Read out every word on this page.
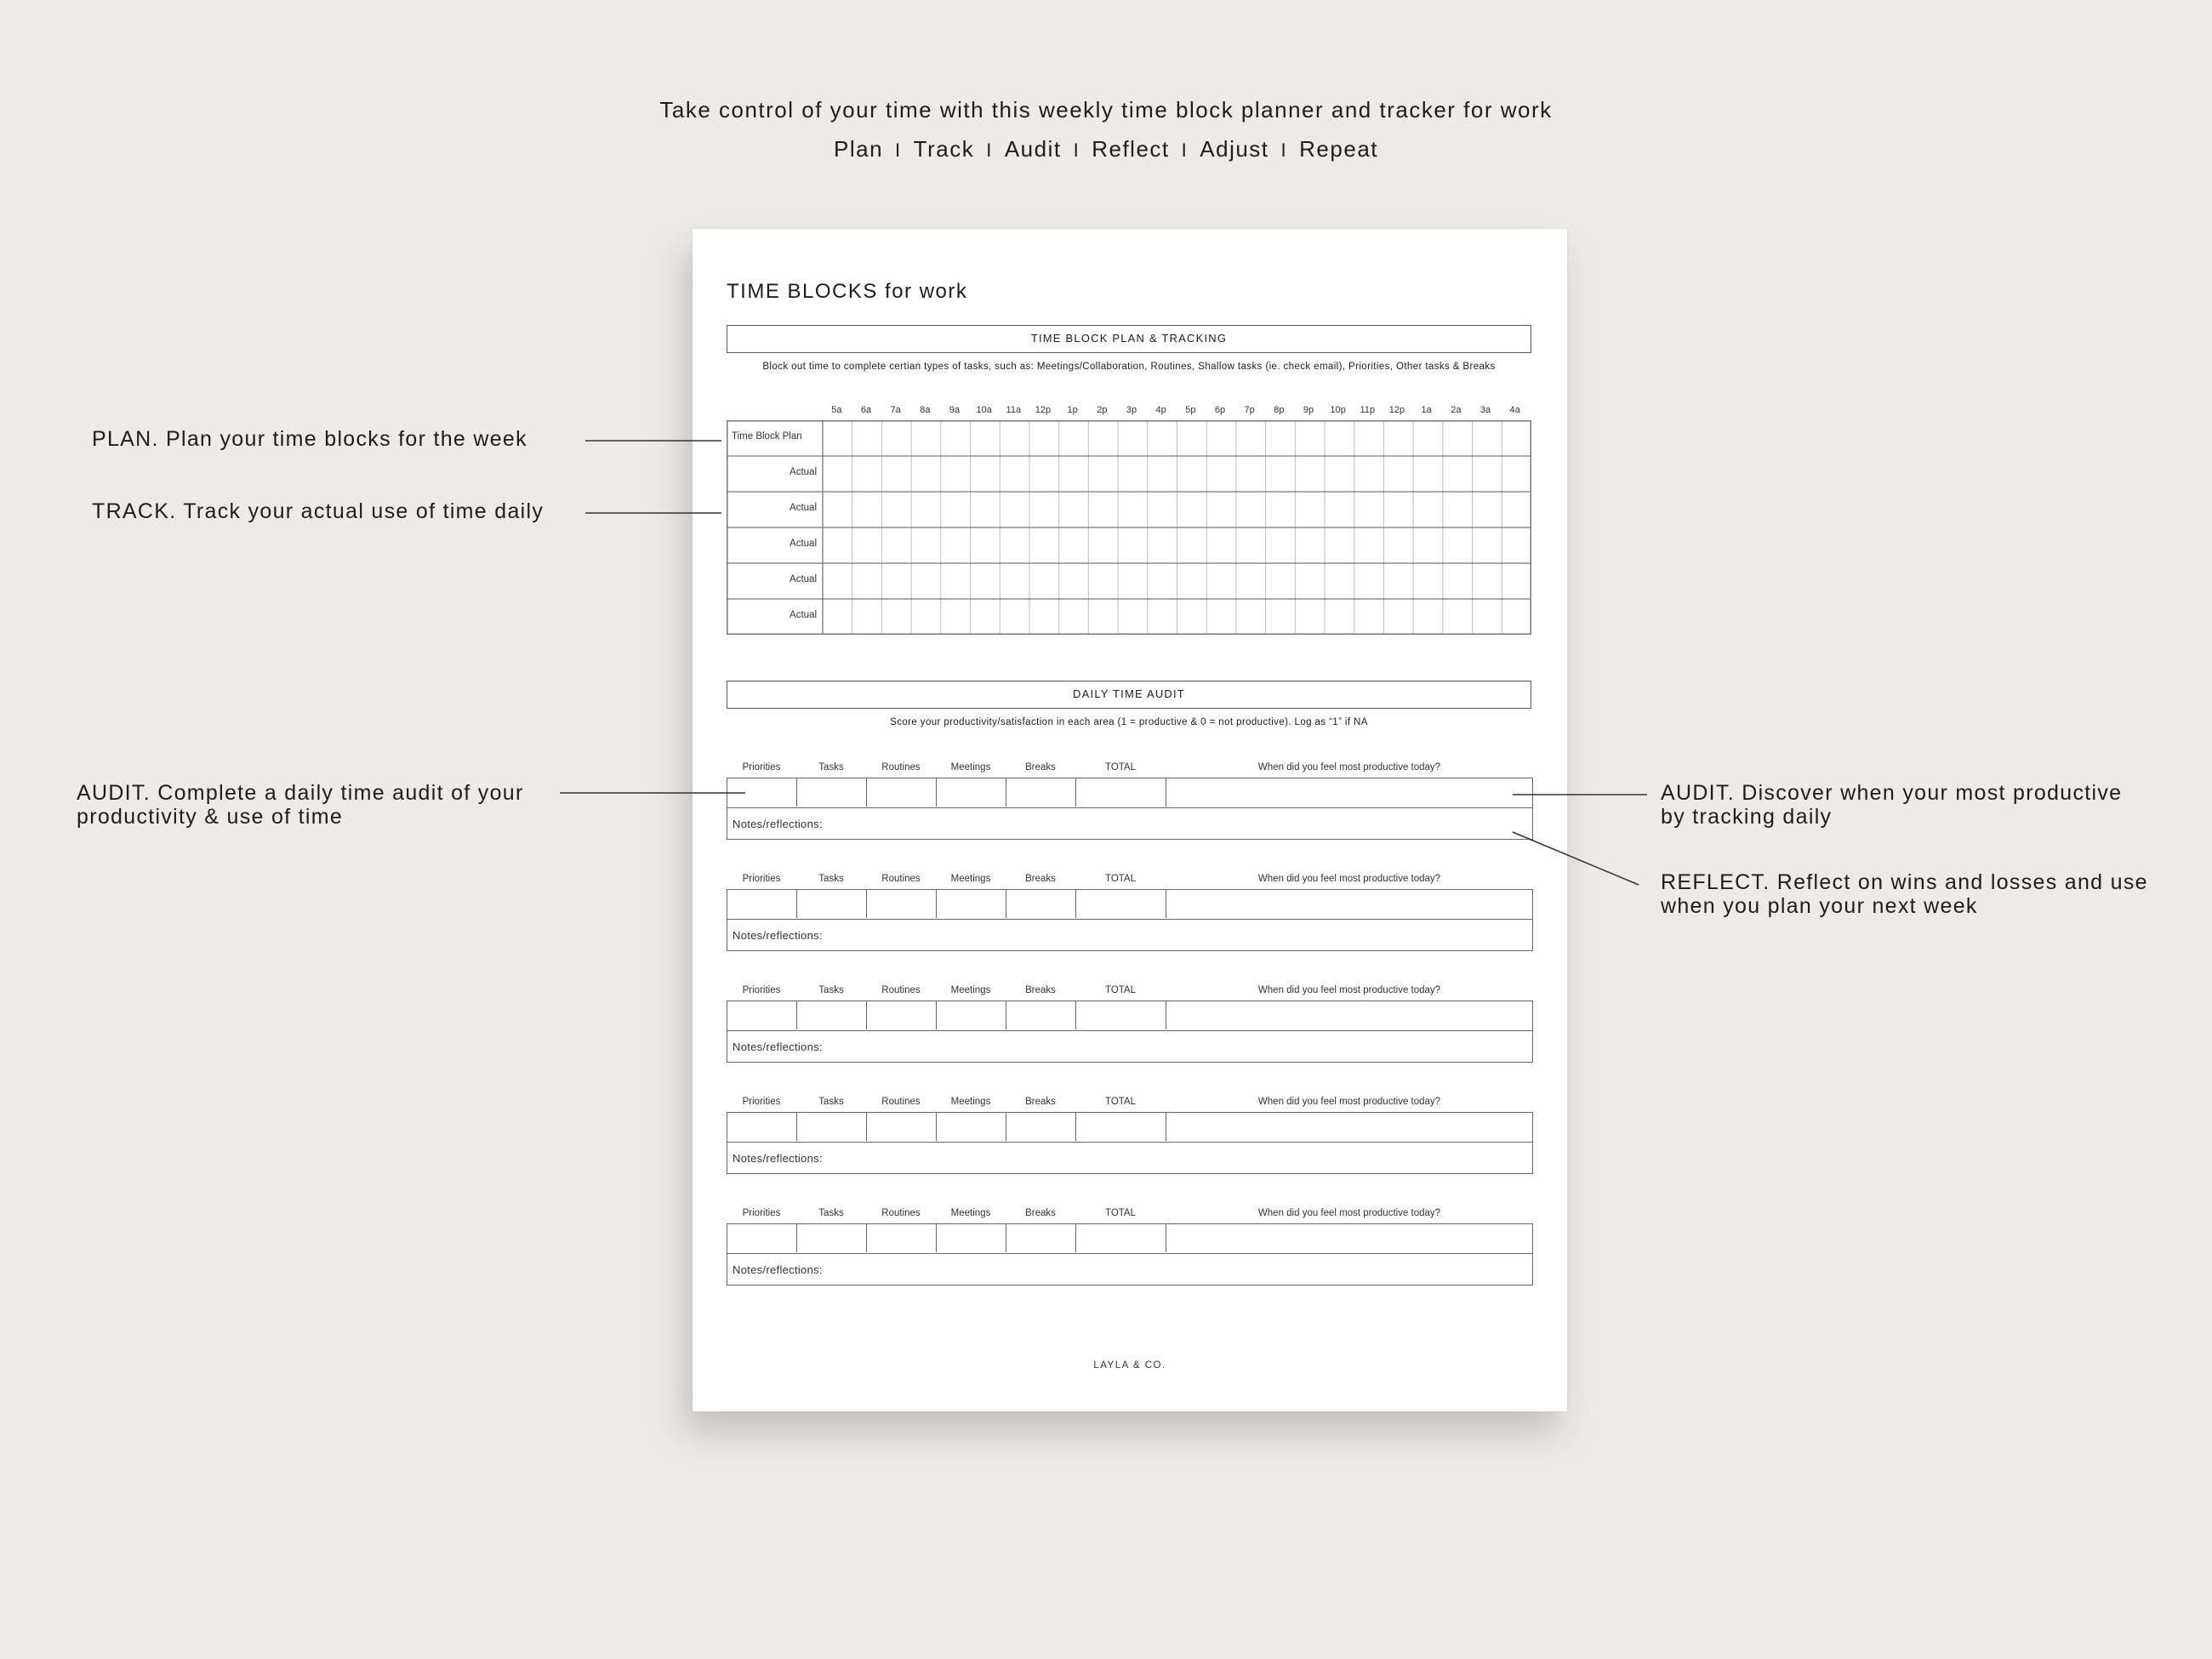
Take control of your time with this weekly time block planner and tracker for work
Plan I Track I Audit I Reflect I Adjust I Repeat
TIME BLOCKS for work
TIME BLOCK PLAN & TRACKING
Block out time to complete certian types of tasks, such as: Meetings/Collaboration, Routines, Shallow tasks (ie. check email), Priorities, Other tasks & Breaks
5a	6a	7a	8a	9a	10a	11a	12p	1p	2p	3p	4p	5p	6p	7p	8p	9p	10p	11p	12p	1a	2a	3a	4a
Time Block Plan
Actual
Actual
Actual
Actual
Actual
DAILY TIME AUDIT
Score your productivity/satisfaction in each area (1 = productive & 0 = not productive). Log as “1” if NA
Priorities	Tasks	Routines	Meetings	Breaks	TOTAL	When did you feel most productive today?
Notes/reflections:
Priorities	Tasks	Routines	Meetings	Breaks	TOTAL	When did you feel most productive today?
Notes/reflections:
Priorities	Tasks	Routines	Meetings	Breaks	TOTAL	When did you feel most productive today?
Notes/reflections:
Priorities	Tasks	Routines	Meetings	Breaks	TOTAL	When did you feel most productive today?
Notes/reflections:
Priorities	Tasks	Routines	Meetings	Breaks	TOTAL	When did you feel most productive today?
Notes/reflections:
LAYLA & CO.
PLAN. Plan your time blocks for the week
TRACK. Track your actual use of time daily
AUDIT. Complete a daily time audit of your
productivity & use of time
AUDIT. Discover when your most productive
by tracking daily
REFLECT. Reflect on wins and losses and use
when you plan your next week
